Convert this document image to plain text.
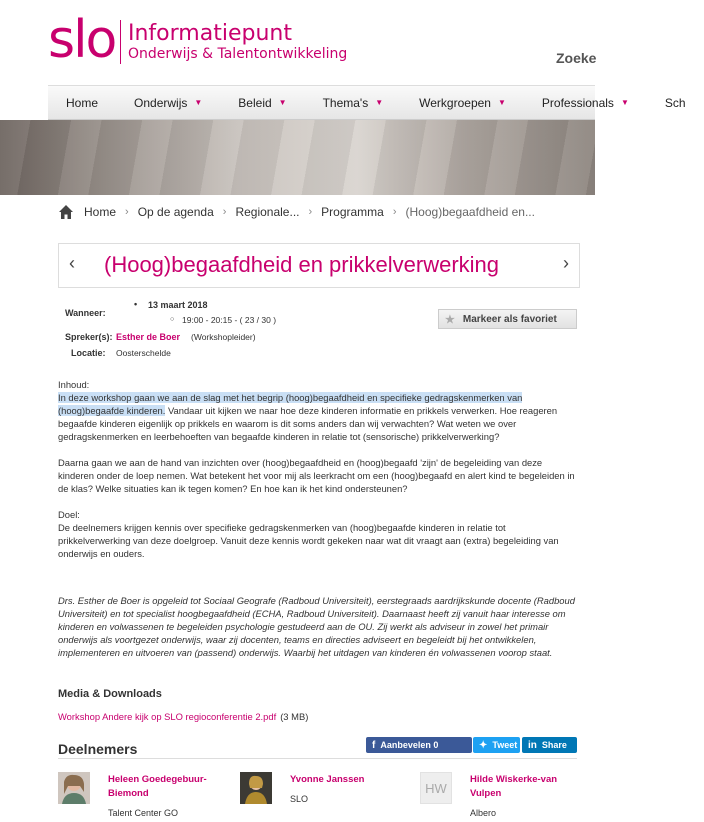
slo Informatiepunt
Onderwijs & Talentontwikkeling	Zoeke
Home	Onderwijs ▼	Beleid ▼	Thema's ▼	Werkgroepen ▼	Professionals ▼	Sch
Home › Op de agenda › Regionale... › Programma › (Hoog)begaafdheid en...
‹ (Hoog)begaafdheid en prikkelverwerking	›
Wanneer:
• 13 maart 2018
○ 19:00 - 20:15 - ( 23 / 30 )
Spreker(s): Esther de Boer (Workshopleider)
Locatie: Oosterschelde
★ Markeer als favoriet
Inhoud:
In deze workshop gaan we aan de slag met het begrip (hoog)begaafdheid en specifieke gedragskenmerken van (hoog)begaafde kinderen. Vandaar uit kijken we naar hoe deze kinderen informatie en prikkels verwerken. Hoe reageren begaafde kinderen eigenlijk op prikkels en waarom is dit soms anders dan wij verwachten? Wat weten we over gedragskenmerken en leerbehoeften van begaafde kinderen in relatie tot (sensorische) prikkelverwerking?
Daarna gaan we aan de hand van inzichten over (hoog)begaafdheid en (hoog)begaafd 'zijn' de begeleiding van deze kinderen onder de loep nemen. Wat betekent het voor mij als leerkracht om een (hoog)begaafd en alert kind te begeleiden in de klas? Welke situaties kan ik tegen komen? En hoe kan ik het kind ondersteunen?
Doel:
De deelnemers krijgen kennis over specifieke gedragskenmerken van (hoog)begaafde kinderen in relatie tot prikkelverwerking van deze doelgroep. Vanuit deze kennis wordt gekeken naar wat dit vraagt aan (extra) begeleiding van onderwijs en ouders.
Drs. Esther de Boer is opgeleid tot Sociaal Geografe (Radboud Universiteit), eerstegraads aardrijkskunde docente (Radboud Universiteit) en tot specialist hoogbegaafdheid (ECHA, Radboud Universiteit). Daarnaast heeft zij vanuit haar interesse om kinderen en volwassenen te begeleiden psychologie gestudeerd aan de OU. Zij werkt als adviseur in zowel het primair onderwijs als voortgezet onderwijs, waar zij docenten, teams en directies adviseert en begeleidt bij het ontwikkelen, implementeren en uitvoeren van (passend) onderwijs. Waarbij het uitdagen van kinderen én volwassenen voorop staat.
Media & Downloads
Workshop Andere kijk op SLO regioconferentie 2.pdf (3 MB)
Deelnemers	f Aanbevelen 0	✦ Tweet in Share
Heleen Goedegebuur-Biemond
Talent Center GO
Yvonne Janssen
SLO
HW
Hilde Wiskerke-van Vulpen
Albero
